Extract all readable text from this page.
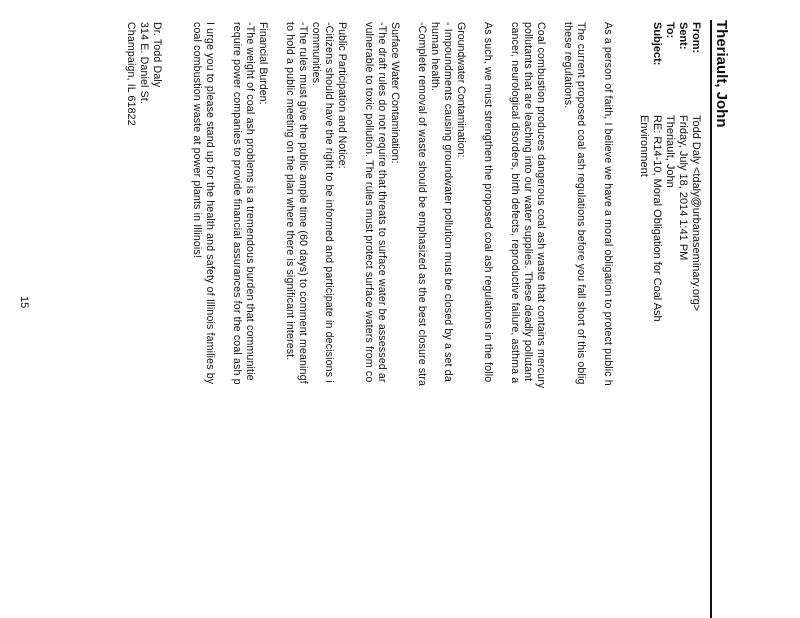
Theriault, John
From:
Todd Daly <tdaly@urbanaseminary.org>
Sent:
Friday, July 18, 2014 1:41 PM
To:
Theriault, John
Subject:
RE: R14-10, Moral Obligation for Coal Ash
Environment
As a person of faith, I believe we have a moral obligation to protect public h
The current proposed coal ash regulations before you fall short of this oblig
these regulations.
Coal combustion produces dangerous coal ash waste that contains mercury
pollutants that are leaching into our water supplies. These deadly pollutant
cancer, neurological disorders, birth defects, reproductive failure, asthma a
As such, we must strengthen the proposed coal ash regulations in the follo
Groundwater Contamination:
- Impoundments causing groundwater pollution must be closed by a set da
human health.
-Complete removal of waste should be emphasized as the best closure stra
Surface Water Contamination:
-The draft rules do not require that threats to surface water be assessed ar
vulnerable to toxic pollution. The rules must protect surface waters from co
Public Participation and Notice:
-Citizens should have the right to be informed and participate in decisions i
communities.
-The rules must give the public ample time (60 days) to comment meaningf
to hold a public meeting on the plan where there is significant interest.
Financial Burden:
-The weight of coal ash problems is a tremendous burden that communitie
require power companies to provide financial assurances for the coal ash p
I urge you to please stand up for the health and safety of Illinois families by
coal combustion waste at power plants in Illinois!
Dr. Todd Daly
314 E. Daniel St.
Champaign, IL 61822
15
